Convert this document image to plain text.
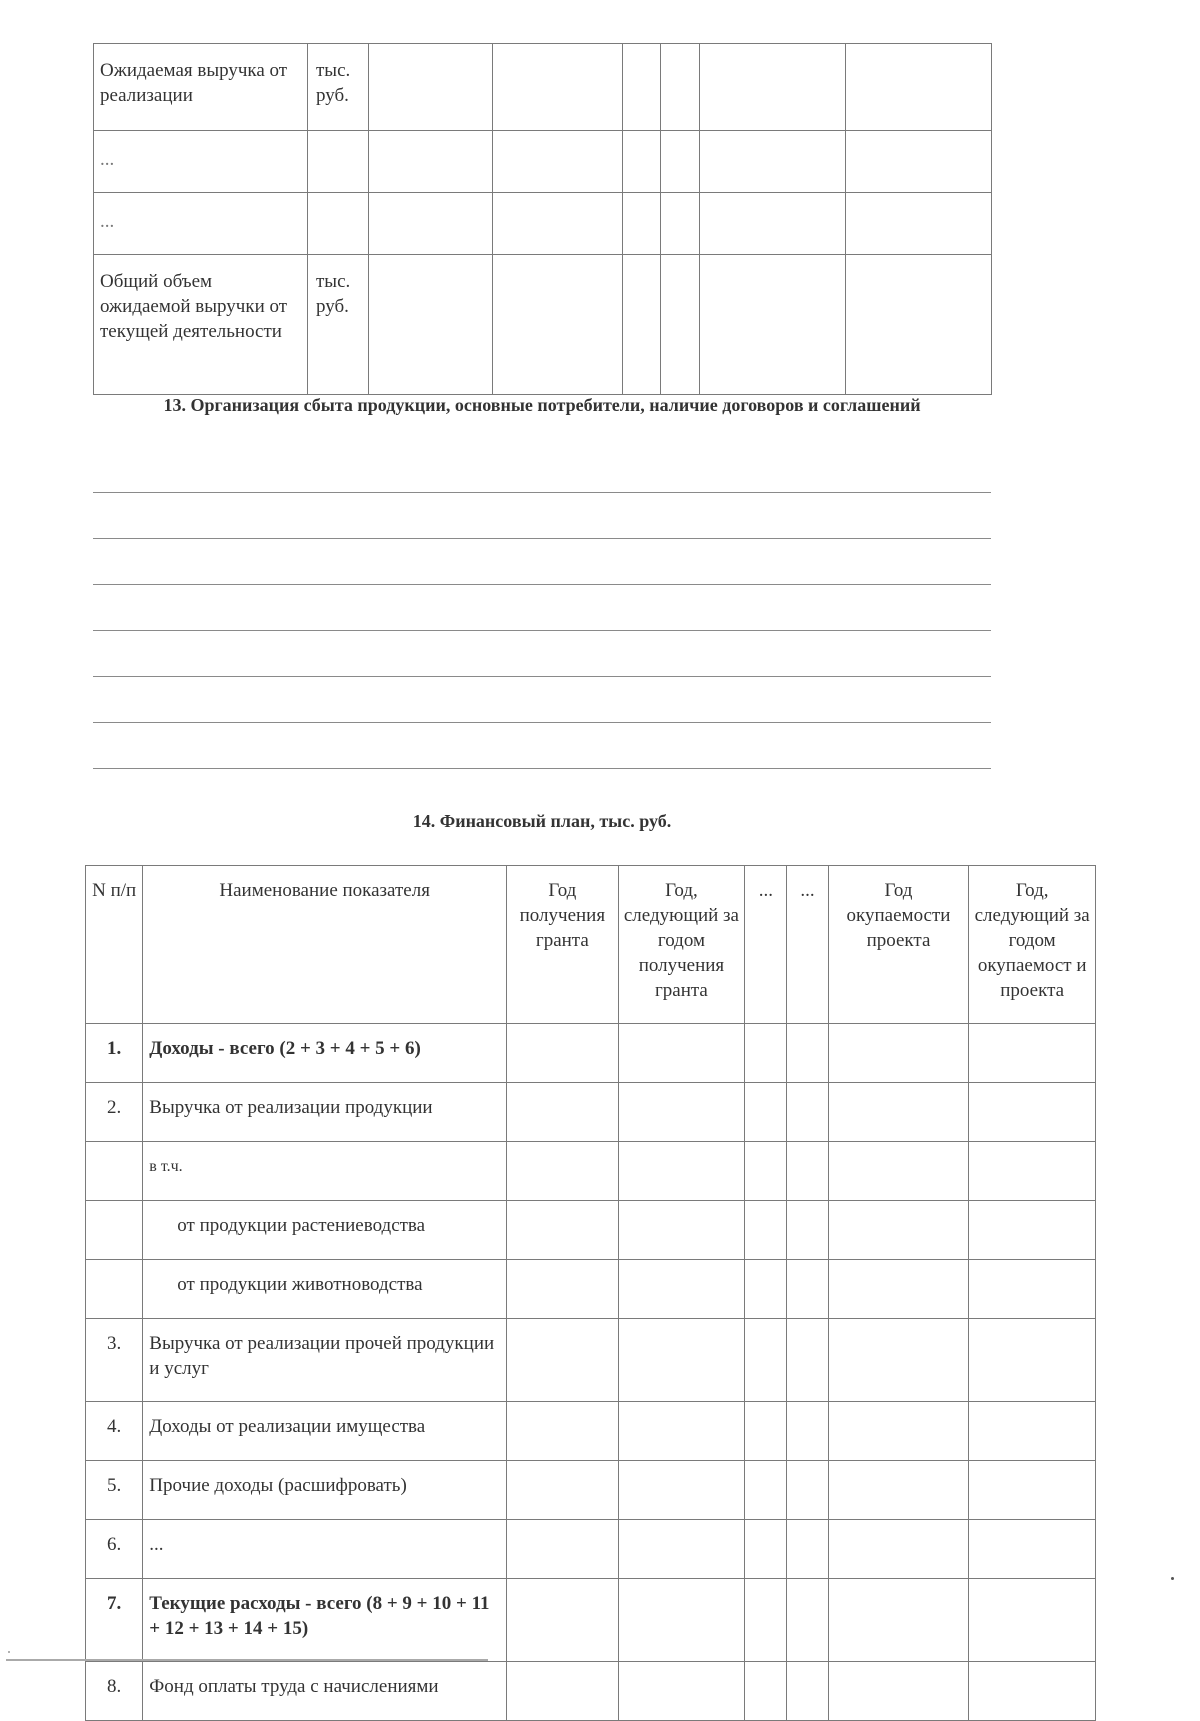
Ожидаемая выручка от реализации	тыс. руб.						
...							
...							
Общий объем ожидаемой выручки от текущей деятельности	тыс. руб.						
13. Организация сбыта продукции, основные потребители, наличие договоров и соглашений
14. Финансовый план, тыс. руб.
N п/п	Наименование показателя	Год получения гранта	Год, следующий за годом получения гранта	...	...	Год окупаемости проекта	Год, следующий за годом окупаемост и проекта
1.	Доходы - всего (2 + 3 + 4 + 5 + 6)						
2.	Выручка от реализации продукции						
	в т.ч.						
	от продукции растениеводства						
	от продукции животноводства						
3.	Выручка от реализации прочей продукции и услуг						
4.	Доходы от реализации имущества						
5.	Прочие доходы (расшифровать)						
6.	...						
7.	Текущие расходы - всего (8 + 9 + 10 + 11 + 12 + 13 + 14 + 15)						
8.	Фонд оплаты труда с начислениями						
